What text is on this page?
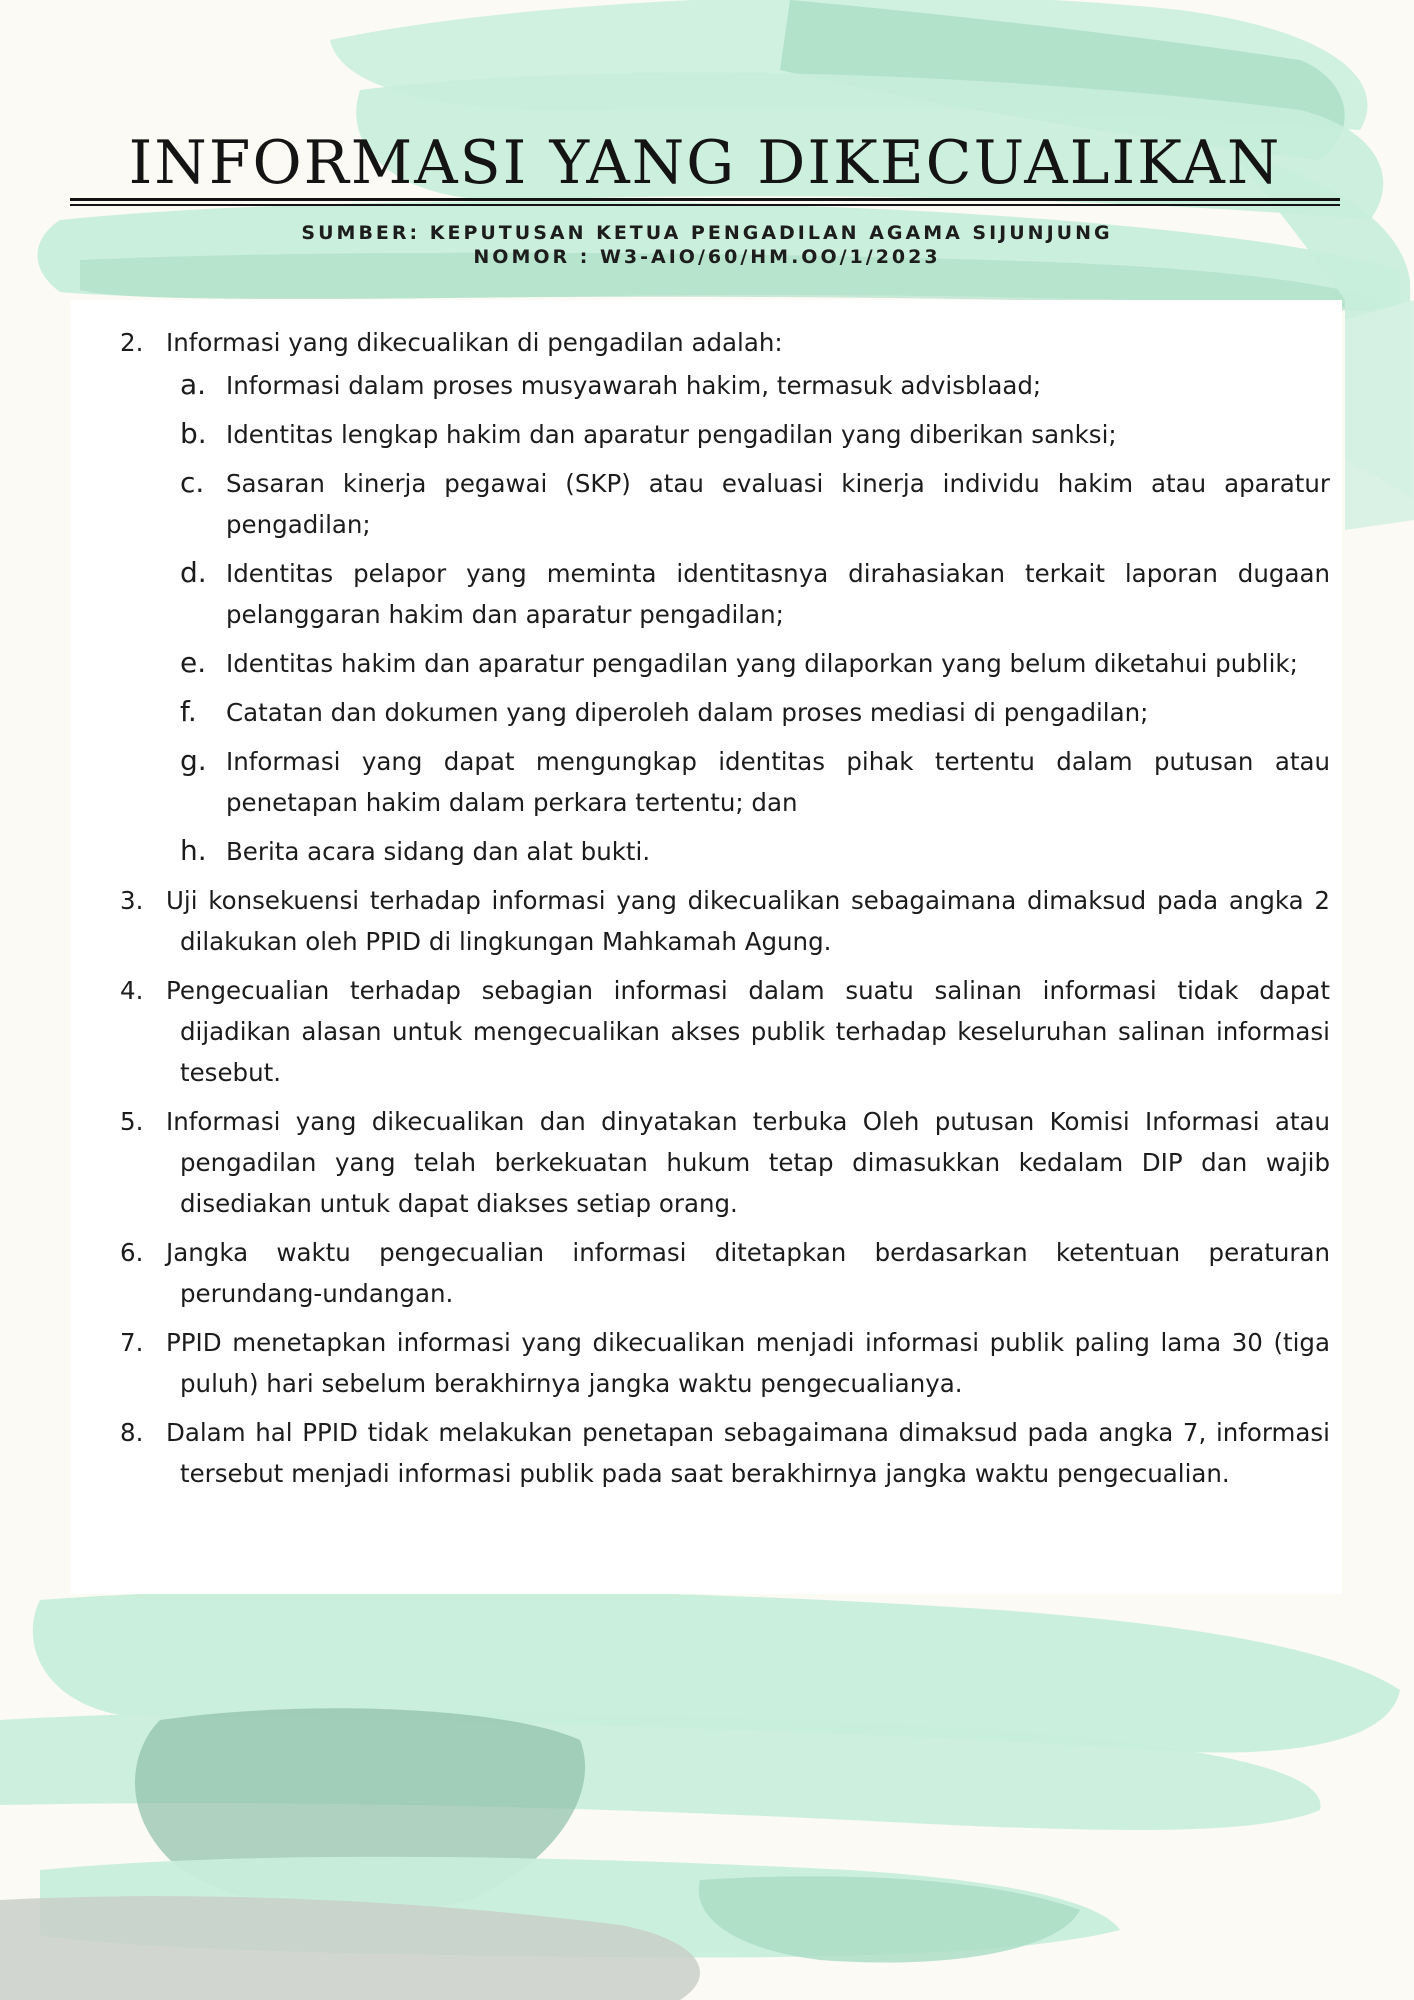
INFORMASI YANG DIKECUALIKAN
SUMBER: KEPUTUSAN KETUA PENGADILAN AGAMA SIJUNJUNG
NOMOR : W3-AIO/60/HM.OO/1/2023
2. Informasi yang dikecualikan di pengadilan adalah:
a. Informasi dalam proses musyawarah hakim, termasuk advisblaad;
b. Identitas lengkap hakim dan aparatur pengadilan yang diberikan sanksi;
c. Sasaran kinerja pegawai (SKP) atau evaluasi kinerja individu hakim atau aparatur pengadilan;
d. Identitas pelapor yang meminta identitasnya dirahasiakan terkait laporan dugaan pelanggaran hakim dan aparatur pengadilan;
e. Identitas hakim dan aparatur pengadilan yang dilaporkan yang belum diketahui publik;
f. Catatan dan dokumen yang diperoleh dalam proses mediasi di pengadilan;
g. Informasi yang dapat mengungkap identitas pihak tertentu dalam putusan atau penetapan hakim dalam perkara tertentu; dan
h. Berita acara sidang dan alat bukti.
3. Uji konsekuensi terhadap informasi yang dikecualikan sebagaimana dimaksud pada angka 2 dilakukan oleh PPID di lingkungan Mahkamah Agung.
4. Pengecualian terhadap sebagian informasi dalam suatu salinan informasi tidak dapat dijadikan alasan untuk mengecualikan akses publik terhadap keseluruhan salinan informasi tesebut.
5. Informasi yang dikecualikan dan dinyatakan terbuka Oleh putusan Komisi Informasi atau pengadilan yang telah berkekuatan hukum tetap dimasukkan kedalam DIP dan wajib disediakan untuk dapat diakses setiap orang.
6. Jangka waktu pengecualian informasi ditetapkan berdasarkan ketentuan peraturan perundang-undangan.
7. PPID menetapkan informasi yang dikecualikan menjadi informasi publik paling lama 30 (tiga puluh) hari sebelum berakhirnya jangka waktu pengecualianya.
8. Dalam hal PPID tidak melakukan penetapan sebagaimana dimaksud pada angka 7, informasi tersebut menjadi informasi publik pada saat berakhirnya jangka waktu pengecualian.
